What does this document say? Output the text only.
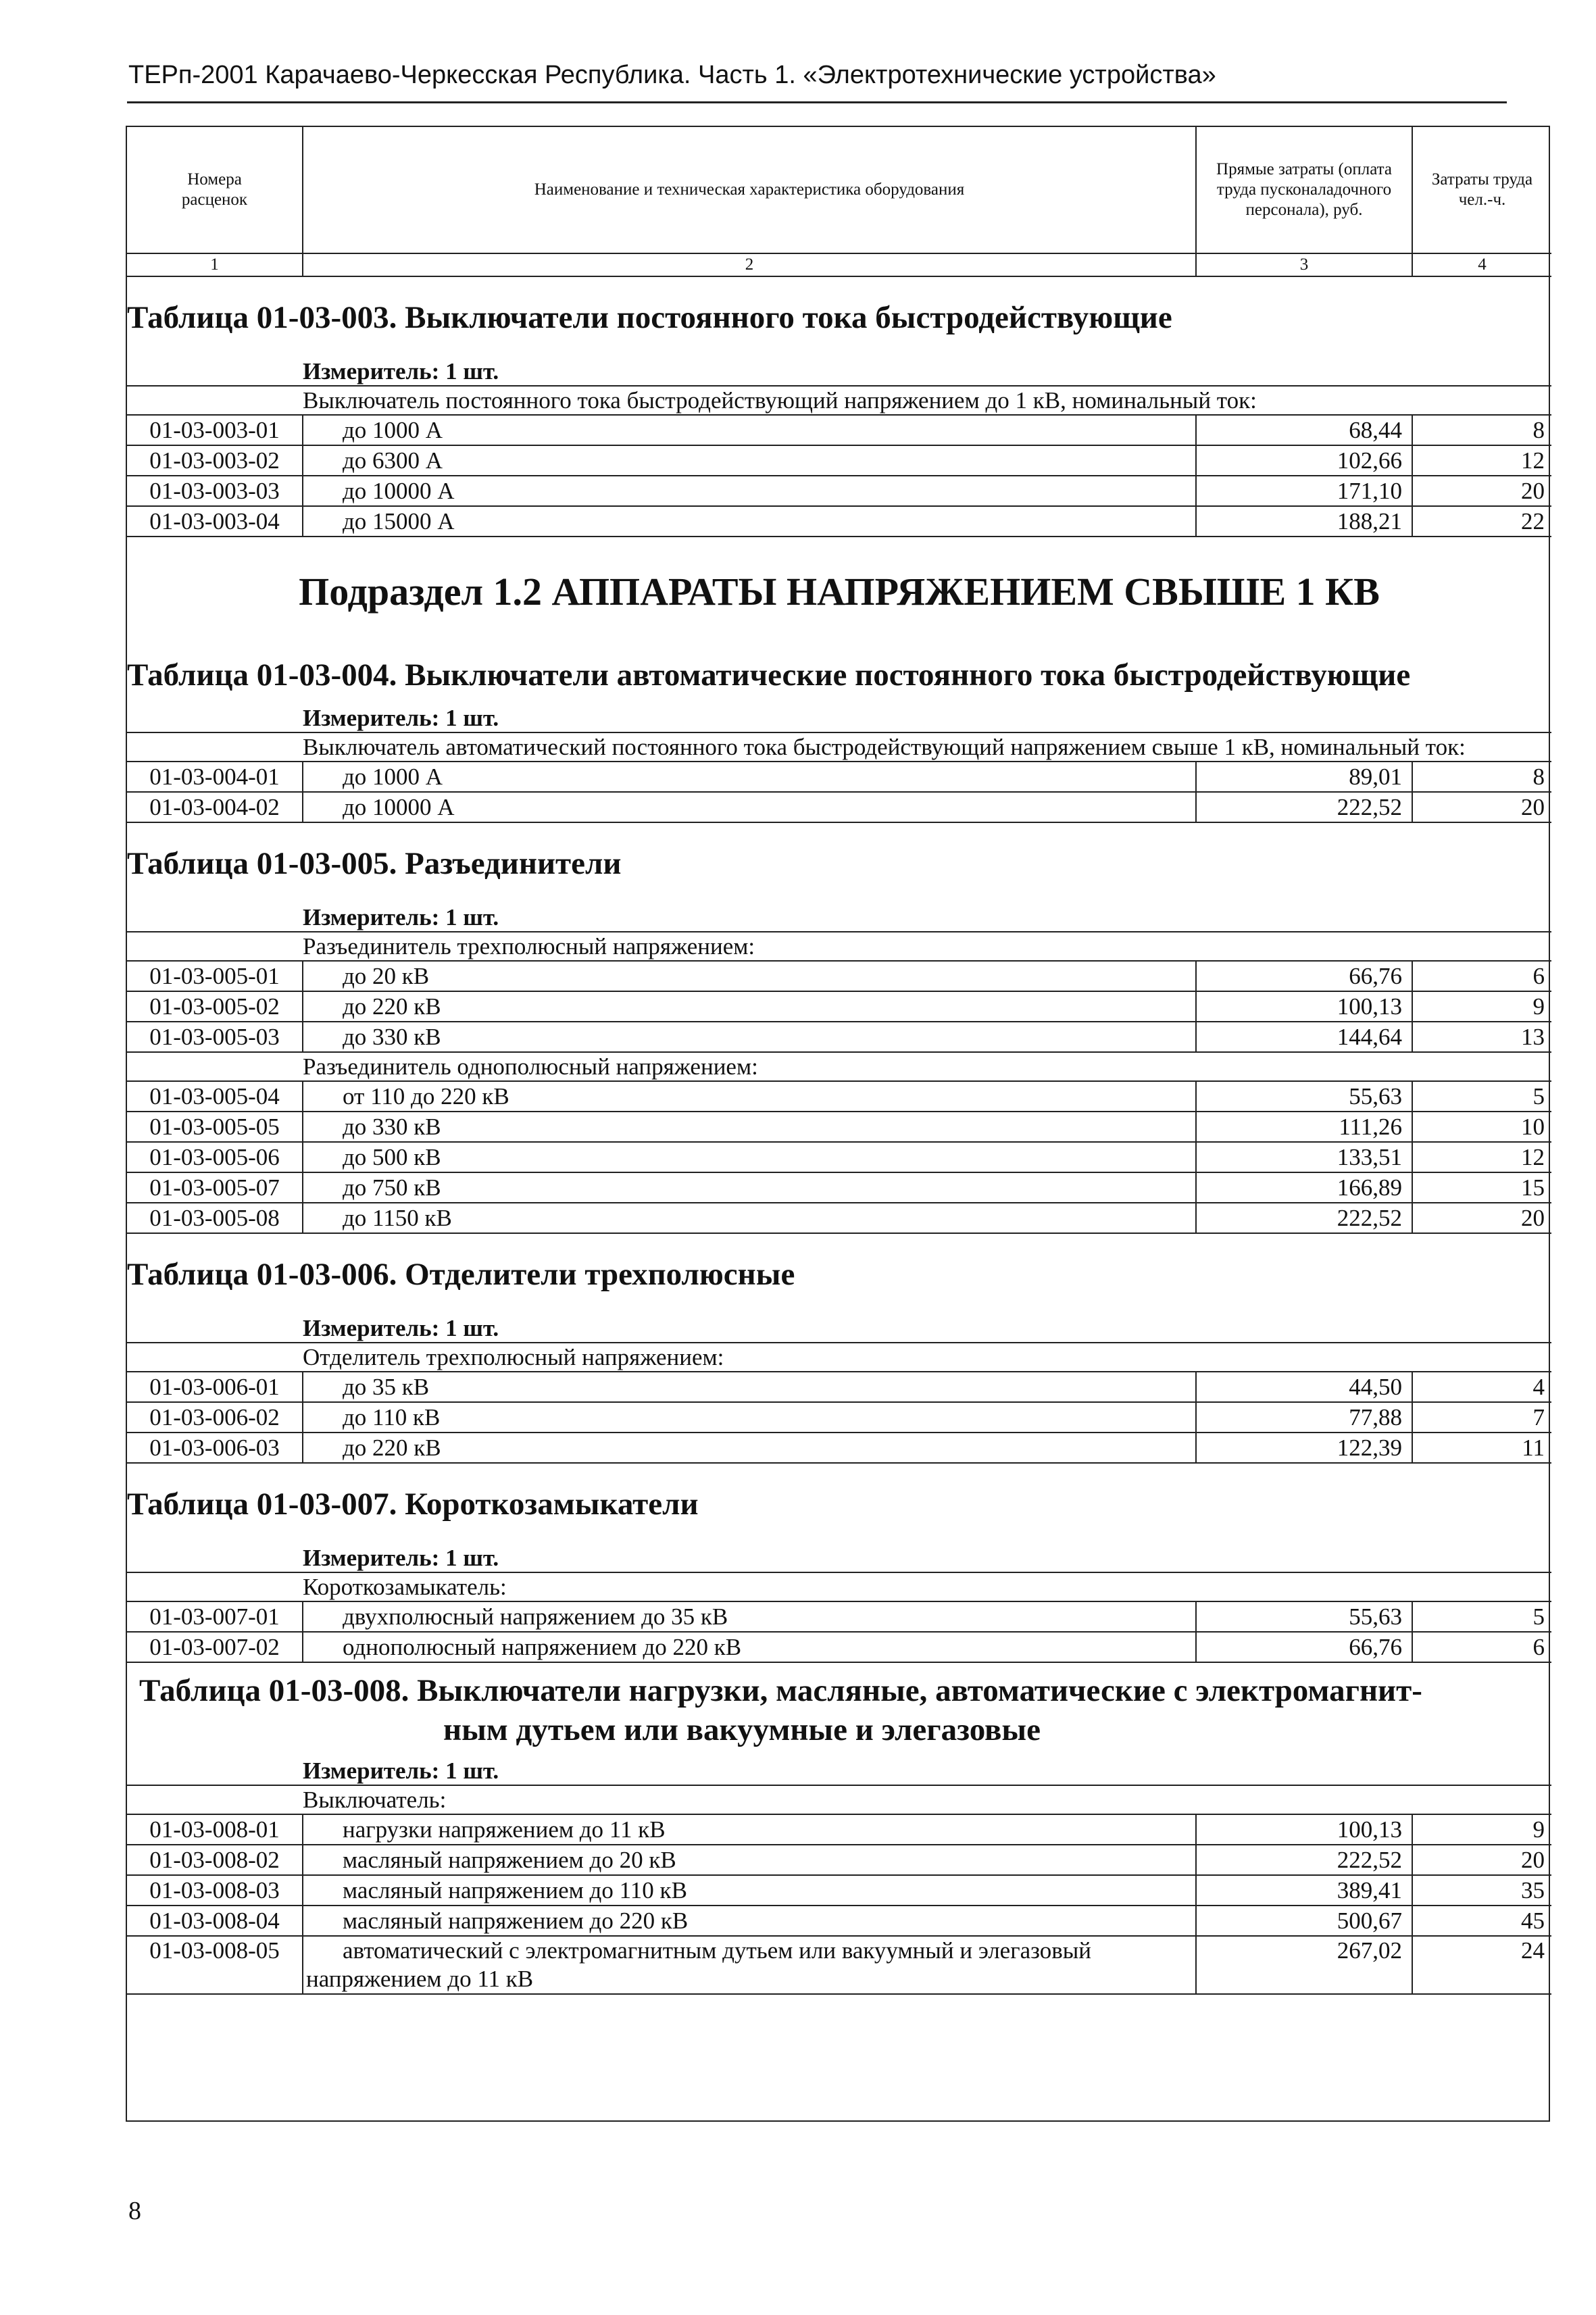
ТЕРп-2001 Карачаево-Черкесская Республика. Часть 1. «Электротехнические устройства»
Номера расценок	Наименование и техническая характеристика оборудования	Прямые затраты (оплата труда пусконаладочного персонала), руб.	Затраты труда чел.-ч.
1	2	3	4
Таблица 01-03-003. Выключатели постоянного тока быстродействующие			
	Измеритель: 1 шт.		
	Выключатель постоянного тока быстродействующий напряжением до 1 кВ, номинальный ток:		
01-03-003-01	до 1000 А	68,44	8
01-03-003-02	до 6300 А	102,66	12
01-03-003-03	до 10000 А	171,10	20
01-03-003-04	до 15000 А	188,21	22
Подраздел 1.2 АППАРАТЫ НАПРЯЖЕНИЕМ СВЫШЕ 1 КВ			
Таблица 01-03-004. Выключатели автоматические постоянного тока быстродействующие			
	Измеритель: 1 шт.		
	Выключатель автоматический постоянного тока быстродействующий напряжением свыше 1 кВ, номинальный ток:		
01-03-004-01	до 1000 А	89,01	8
01-03-004-02	до 10000 А	222,52	20
Таблица 01-03-005. Разъединители			
	Измеритель: 1 шт.		
	Разъединитель трехполюсный напряжением:		
01-03-005-01	до 20 кВ	66,76	6
01-03-005-02	до 220 кВ	100,13	9
01-03-005-03	до 330 кВ	144,64	13
	Разъединитель однополюсный напряжением:		
01-03-005-04	от 110 до 220 кВ	55,63	5
01-03-005-05	до 330 кВ	111,26	10
01-03-005-06	до 500 кВ	133,51	12
01-03-005-07	до 750 кВ	166,89	15
01-03-005-08	до 1150 кВ	222,52	20
Таблица 01-03-006. Отделители трехполюсные			
	Измеритель: 1 шт.		
	Отделитель трехполюсный напряжением:		
01-03-006-01	до 35 кВ	44,50	4
01-03-006-02	до 110 кВ	77,88	7
01-03-006-03	до 220 кВ	122,39	11
Таблица 01-03-007. Короткозамыкатели			
	Измеритель: 1 шт.		
	Короткозамыкатель:		
01-03-007-01	двухполюсный напряжением до 35 кВ	55,63	5
01-03-007-02	однополюсный напряжением до 220 кВ	66,76	6
Таблица 01-03-008. Выключатели нагрузки, масляные, автоматические с электромагнит-
ным дутьем или вакуумные и элегазовые			
	Измеритель: 1 шт.		
	Выключатель:		
01-03-008-01	нагрузки напряжением до 11 кВ	100,13	9
01-03-008-02	масляный напряжением до 20 кВ	222,52	20
01-03-008-03	масляный напряжением до 110 кВ	389,41	35
01-03-008-04	масляный напряжением до 220 кВ	500,67	45
01-03-008-05	автоматический с электромагнитным дутьем или вакуумный и элегазовый
напряжением до 11 кВ	267,02	24
8
